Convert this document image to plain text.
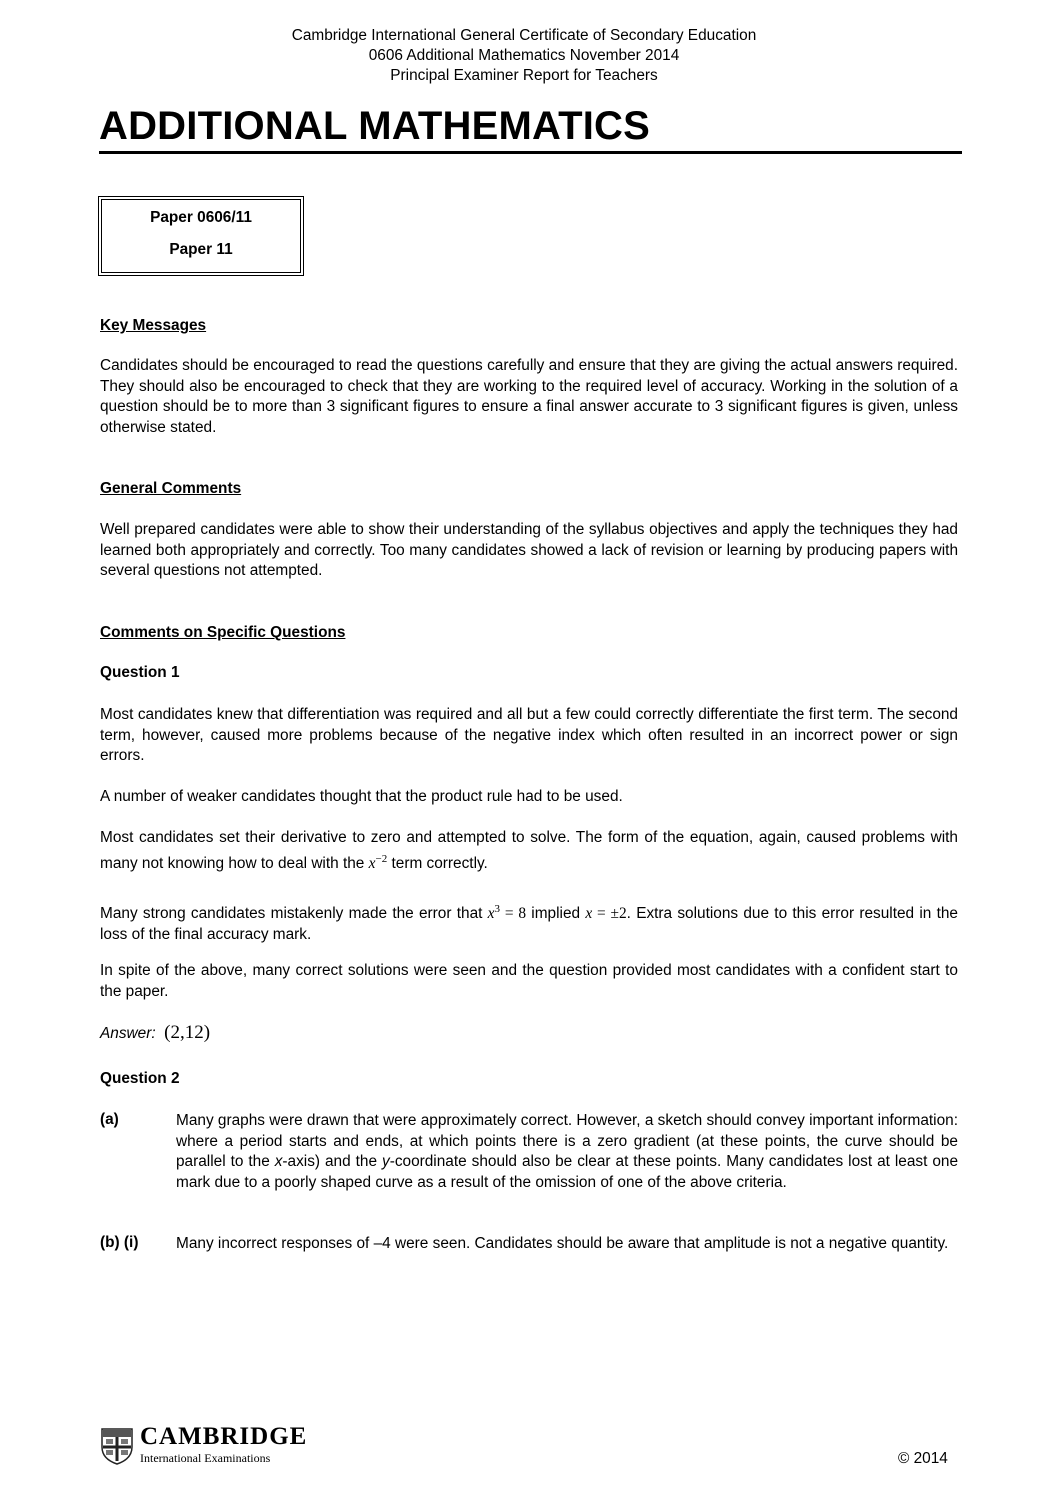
Cambridge International General Certificate of Secondary Education
0606 Additional Mathematics November 2014
Principal Examiner Report for Teachers
ADDITIONAL MATHEMATICS
Paper 0606/11
Paper 11
Key Messages
Candidates should be encouraged to read the questions carefully and ensure that they are giving the actual answers required. They should also be encouraged to check that they are working to the required level of accuracy. Working in the solution of a question should be to more than 3 significant figures to ensure a final answer accurate to 3 significant figures is given, unless otherwise stated.
General Comments
Well prepared candidates were able to show their understanding of the syllabus objectives and apply the techniques they had learned both appropriately and correctly. Too many candidates showed a lack of revision or learning by producing papers with several questions not attempted.
Comments on Specific Questions
Question 1
Most candidates knew that differentiation was required and all but a few could correctly differentiate the first term. The second term, however, caused more problems because of the negative index which often resulted in an incorrect power or sign errors.
A number of weaker candidates thought that the product rule had to be used.
Most candidates set their derivative to zero and attempted to solve. The form of the equation, again, caused problems with many not knowing how to deal with the $x^{-2}$ term correctly.
Many strong candidates mistakenly made the error that $x^3 = 8$ implied x = ±2. Extra solutions due to this error resulted in the loss of the final accuracy mark.
In spite of the above, many correct solutions were seen and the question provided most candidates with a confident start to the paper.
Answer: (2,12)
Question 2
(a)	Many graphs were drawn that were approximately correct. However, a sketch should convey important information: where a period starts and ends, at which points there is a zero gradient (at these points, the curve should be parallel to the x-axis) and the y-coordinate should also be clear at these points. Many candidates lost at least one mark due to a poorly shaped curve as a result of the omission of one of the above criteria.
(b) (i) Many incorrect responses of –4 were seen. Candidates should be aware that amplitude is not a negative quantity.
CAMBRIDGE
International Examinations	© 2014
